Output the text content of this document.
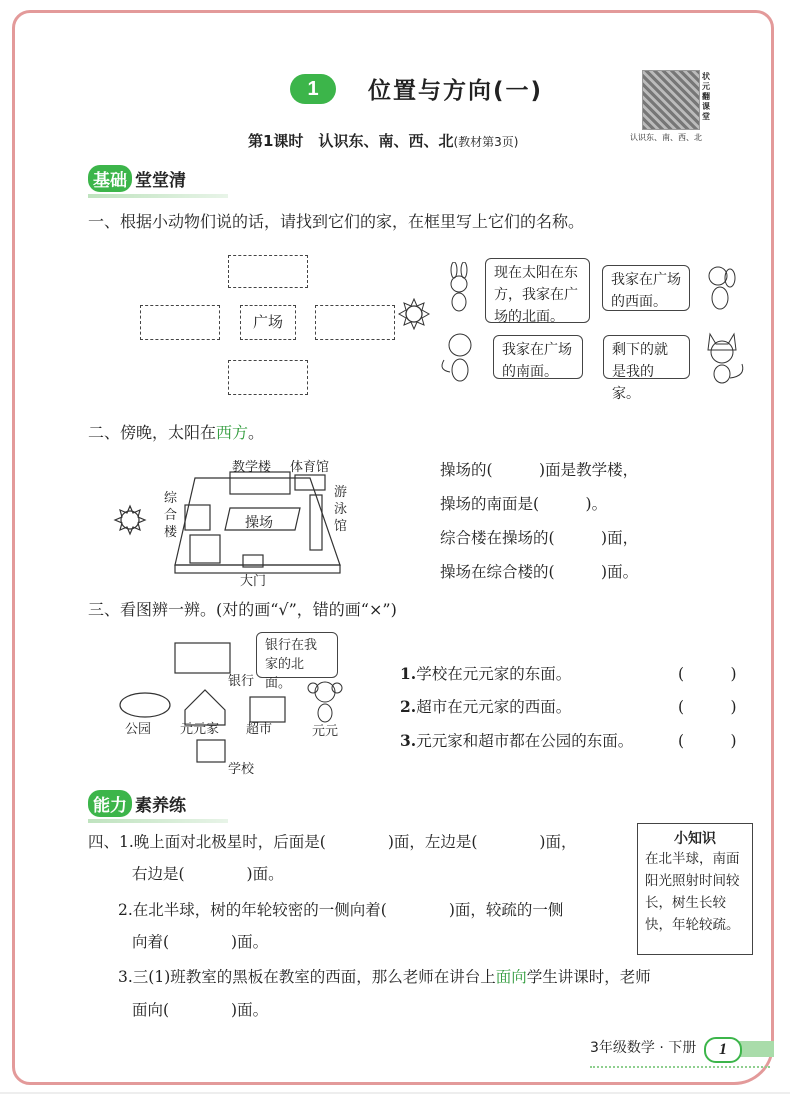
1	位置与方向(一)
状元翻课堂
认识东、南、西、北
第1课时　认识东、南、西、北(教材第3页)
基础 堂堂清
一、根据小动物们说的话，请找到它们的家，在框里写上它们的名称。
广场
现在太阳在东方，我家在广场的北面。
我家在广场的西面。
我家在广场的南面。
剩下的就是我的家。
二、傍晚，太阳在西方。
教学楼 体育馆
综合楼
游泳馆
操场
大门
操场的(　　　)面是教学楼，
操场的南面是(　　　)。
综合楼在操场的(　　　)面，
操场在综合楼的(　　　)面。
三、看图辨一辨。(对的画“√”，错的画“×”)
银行在我家的北面。
银行
公园 元元家 超市	元元
学校
1.学校在元元家的东面。	(　　　)
2.超市在元元家的西面。	(　　　)
3.元元家和超市都在公园的东面。	(　　　)
能力 素养练
四、1.晚上面对北极星时，后面是(　　　　)面，左边是(　　　　)面，
右边是(　　　　)面。
2.在北半球，树的年轮较密的一侧向着(　　　　)面，较疏的一侧
向着(　　　　)面。
3.三(1)班教室的黑板在教室的西面，那么老师在讲台上面向学生讲课时，老师
面向(　　　　)面。
小知识
在北半球，南面阳光照射时间较长，树生长较快，年轮较疏。
3年级数学 · 下册	1
